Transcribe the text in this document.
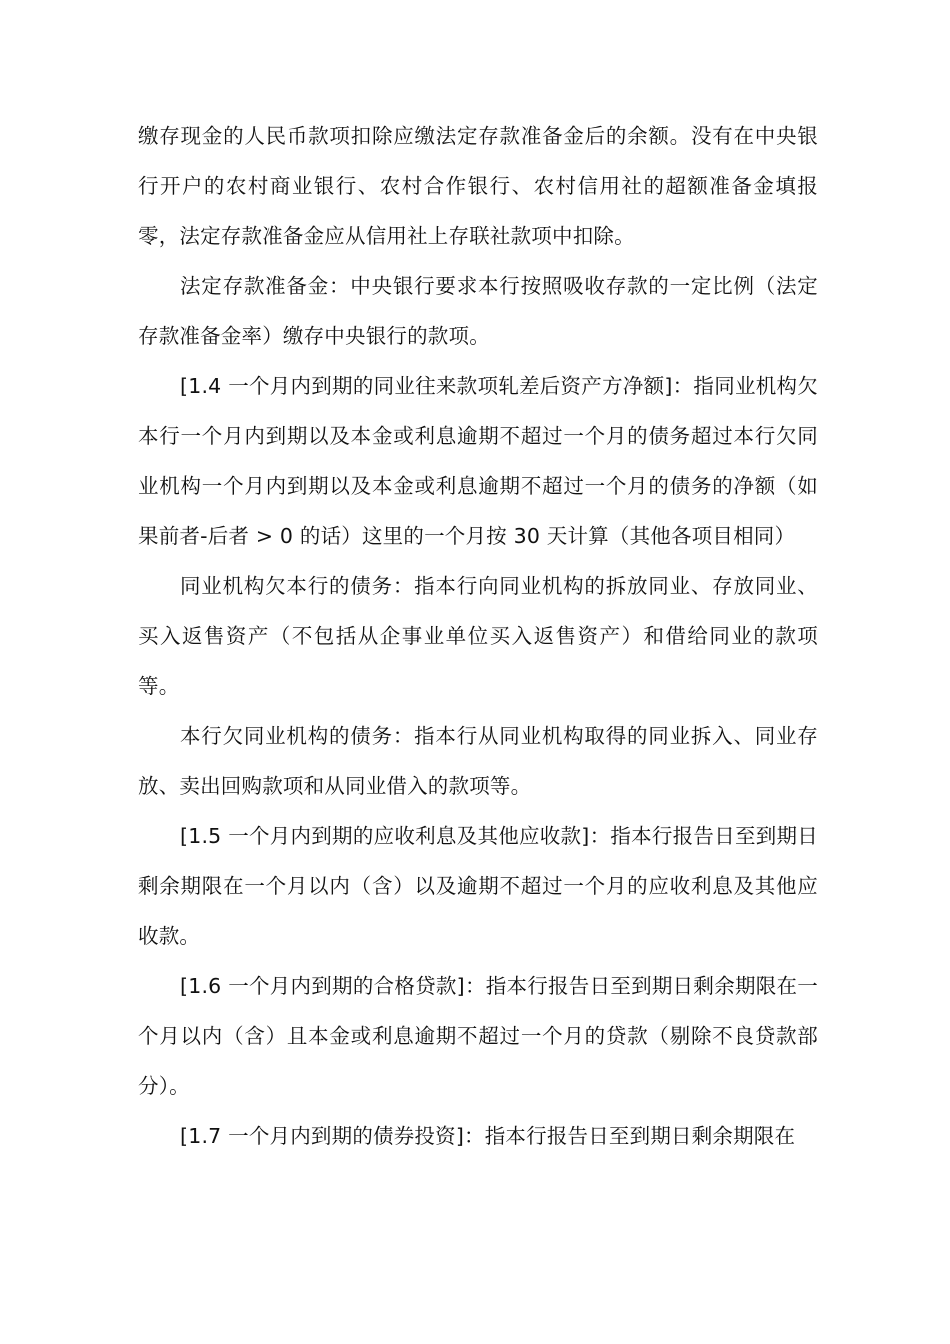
缴存现金的人民币款项扣除应缴法定存款准备金后的余额。没有在中央银行开户的农村商业银行、农村合作银行、农村信用社的超额准备金填报零，法定存款准备金应从信用社上存联社款项中扣除。

法定存款准备金：中央银行要求本行按照吸收存款的一定比例（法定存款准备金率）缴存中央银行的款项。

[1.4 一个月内到期的同业往来款项轧差后资产方净额]：指同业机构欠本行一个月内到期以及本金或利息逾期不超过一个月的债务超过本行欠同业机构一个月内到期以及本金或利息逾期不超过一个月的债务的净额（如果前者-后者 > 0 的话）这里的一个月按 30 天计算（其他各项目相同）

同业机构欠本行的债务：指本行向同业机构的拆放同业、存放同业、买入返售资产（不包括从企事业单位买入返售资产）和借给同业的款项等。

本行欠同业机构的债务：指本行从同业机构取得的同业拆入、同业存放、卖出回购款项和从同业借入的款项等。

[1.5 一个月内到期的应收利息及其他应收款]：指本行报告日至到期日剩余期限在一个月以内（含）以及逾期不超过一个月的应收利息及其他应收款。

[1.6 一个月内到期的合格贷款]：指本行报告日至到期日剩余期限在一个月以内（含）且本金或利息逾期不超过一个月的贷款（剔除不良贷款部分）。

[1.7 一个月内到期的债券投资]：指本行报告日至到期日剩余期限在
